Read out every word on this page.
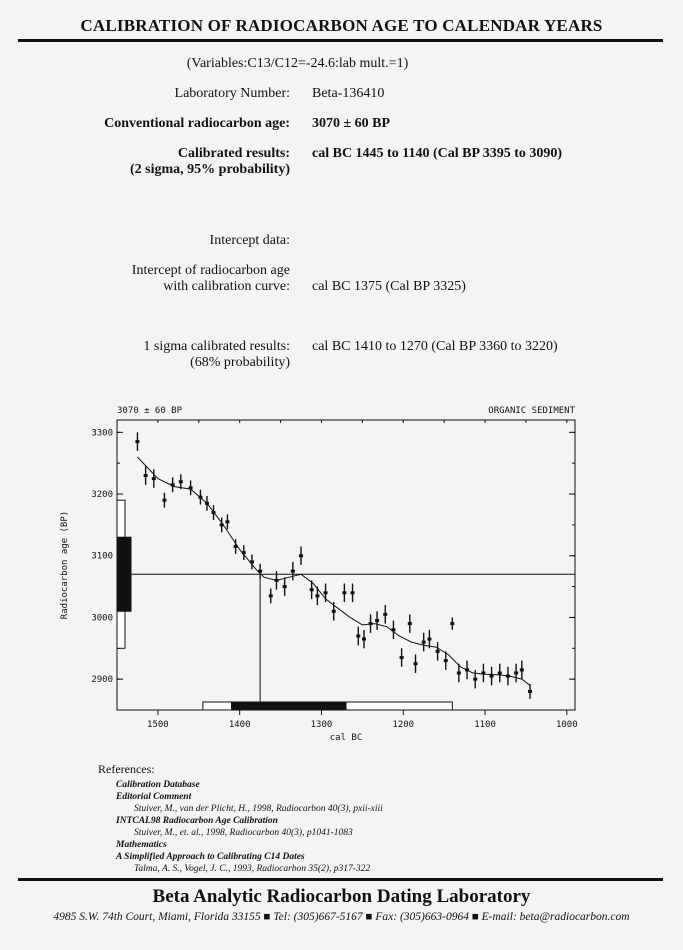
CALIBRATION OF RADIOCARBON AGE TO CALENDAR YEARS
(Variables:C13/C12=-24.6:lab mult.=1)
Laboratory Number: Beta-136410
Conventional radiocarbon age: 3070 ± 60 BP
Calibrated results:
(2 sigma, 95% probability)
cal BC 1445 to 1140 (Cal BP 3395 to 3090)
Intercept data:
Intercept of radiocarbon age
with calibration curve: cal BC 1375 (Cal BP 3325)
1 sigma calibrated results:
(68% probability)
cal BC 1410 to 1270 (Cal BP 3360 to 3220)
3070 ± 60 BP	ORGANIC SEDIMENT
2900
3000
3100
3200
3300
1500	1400	1300	1200	1100	1000
cal BC
Radiocarbon age (BP)
References:
Calibration Database
Editorial Comment
Stuiver, M., van der Plicht, H., 1998, Radiocarbon 40(3), pxii-xiii
INTCAL98 Radiocarbon Age Calibration
Stuiver, M., et. al., 1998, Radiocarbon 40(3), p1041-1083
Mathematics
A Simplified Approach to Calibrating C14 Dates
Talma, A. S., Vogel, J. C., 1993, Radiocarbon 35(2), p317-322
Beta Analytic Radiocarbon Dating Laboratory
4985 S.W. 74th Court, Miami, Florida 33155 ■ Tel: (305)667-5167 ■ Fax: (305)663-0964 ■ E-mail: beta@radiocarbon.com
